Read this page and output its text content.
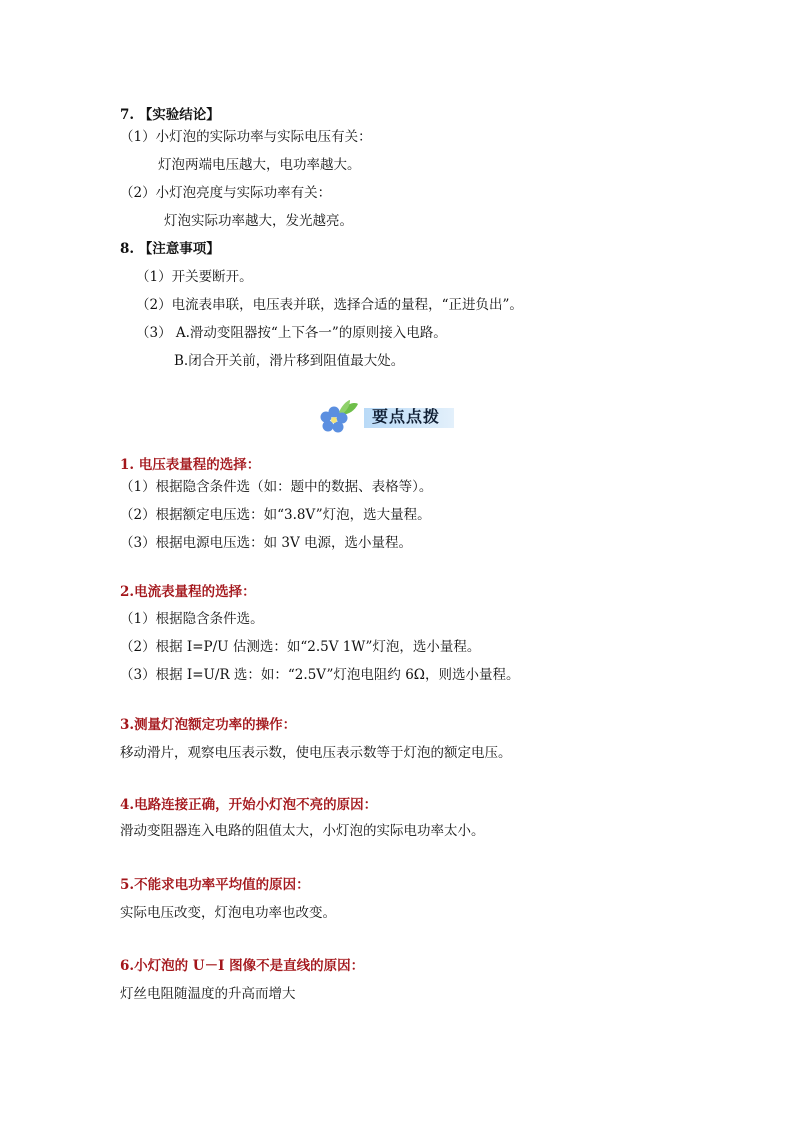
7. 【实验结论】
（1）小灯泡的实际功率与实际电压有关：
灯泡两端电压越大，电功率越大。
（2）小灯泡亮度与实际功率有关：
灯泡实际功率越大，发光越亮。
8. 【注意事项】
（1）开关要断开。
（2）电流表串联，电压表并联，选择合适的量程，“正进负出”。
（3） A.滑动变阻器按“上下各一”的原则接入电路。
B.闭合开关前，滑片移到阻值最大处。
要点点拨
1. 电压表量程的选择：
（1）根据隐含条件选（如：题中的数据、表格等）。
（2）根据额定电压选：如“3.8V”灯泡，选大量程。
（3）根据电源电压选：如 3V 电源，选小量程。
2.电流表量程的选择：
（1）根据隐含条件选。
（2）根据 I=P/U 估测选：如“2.5V 1W”灯泡，选小量程。
（3）根据 I=U/R 选：如：“2.5V”灯泡电阻约 6Ω，则选小量程。
3.测量灯泡额定功率的操作：
移动滑片，观察电压表示数，使电压表示数等于灯泡的额定电压。
4.电路连接正确，开始小灯泡不亮的原因：
滑动变阻器连入电路的阻值太大，小灯泡的实际电功率太小。
5.不能求电功率平均值的原因：
实际电压改变，灯泡电功率也改变。
6.小灯泡的 U－I 图像不是直线的原因：
灯丝电阻随温度的升高而增大
